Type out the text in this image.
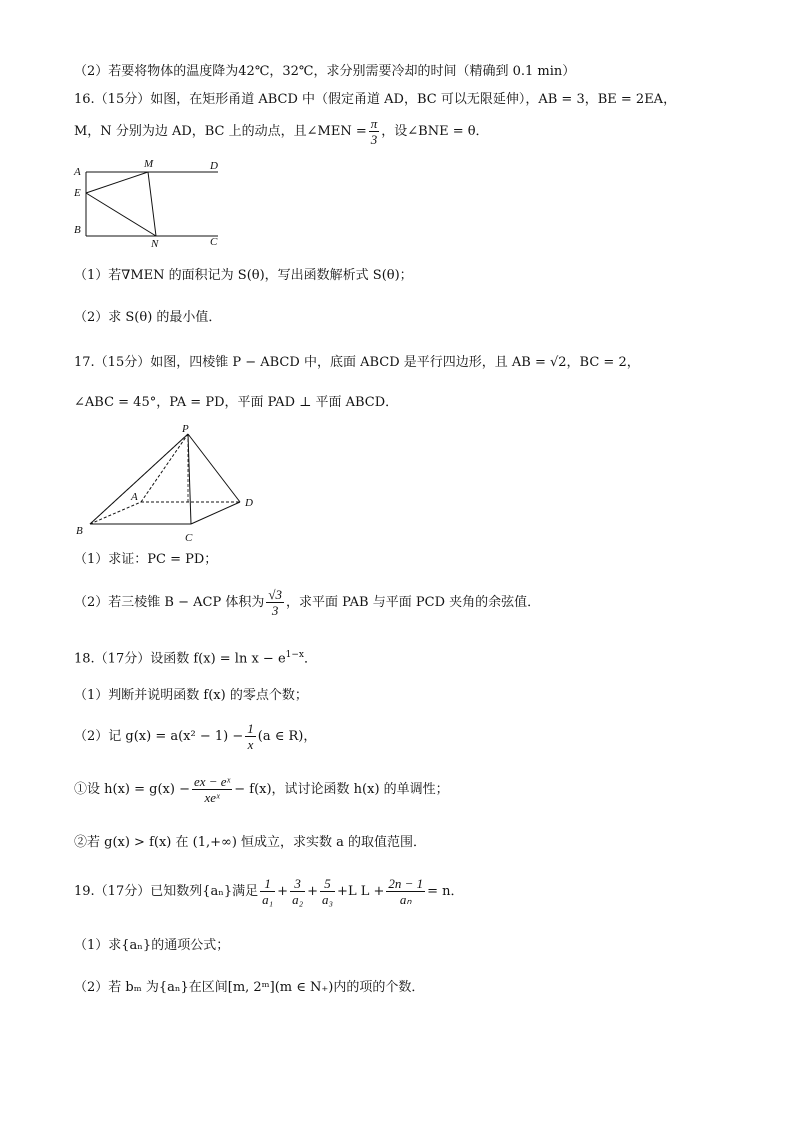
（2）若要将物体的温度降为42℃，32℃，求分别需要冷却的时间（精确到 0.1 min）
16.（15分）如图，在矩形甬道 ABCD 中（假定甬道 AD，BC 可以无限延伸），AB = 3，BE = 2EA，
M，N 分别为边 AD，BC 上的动点，且∠MEN = $\frac{\pi}{3}$ ，设∠BNE = θ．
A
M	D
E
B
N	C
（1）若∇MEN 的面积记为 S(θ)，写出函数解析式 S(θ)；
（2）求 S(θ) 的最小值．
17.（15分）如图，四棱锥 P − ABCD 中，底面 ABCD 是平行四边形，且 AB = √2，BC = 2，
∠ABC = 45°，PA = PD，平面 PAD ⊥ 平面 ABCD．
P
A	D
B
C
（1）求证：PC = PD；
（2）若三棱锥 B − ACP 体积为 $\frac{√3}{3}$ ，求平面 PAB 与平面 PCD 夹角的余弦值．
18.（17分）设函数 $f(x) = \ln x - e^{1-x}$．
（1）判断并说明函数 f(x) 的零点个数；
（2）记 $g(x) = a(x^2 - 1) - \frac{1}{x} (a$ ∈ R)，
①设 $h(x) = g(x) - \frac{\text{ex − eˣ}}{\text{xeˣ}} - f(x)$，试讨论函数 h(x) 的单调性；
②若 g(x) > f(x) 在 (1,+∞) 恒成立，求实数 a 的取值范围．
19.（17分）已知数列{aₙ}满足 $\frac{1}{\text{a₁}} + \frac{3}{\text{a₂}} + \frac{5}{\text{a₃}} +L$ $L + \frac{2n - 1}{\text{aₙ}} = n$．
（1）求{aₙ}的通项公式；
（2）若 bₘ 为{aₙ}在区间[m, 2ᵐ](m ∈ N₊)内的项的个数．
